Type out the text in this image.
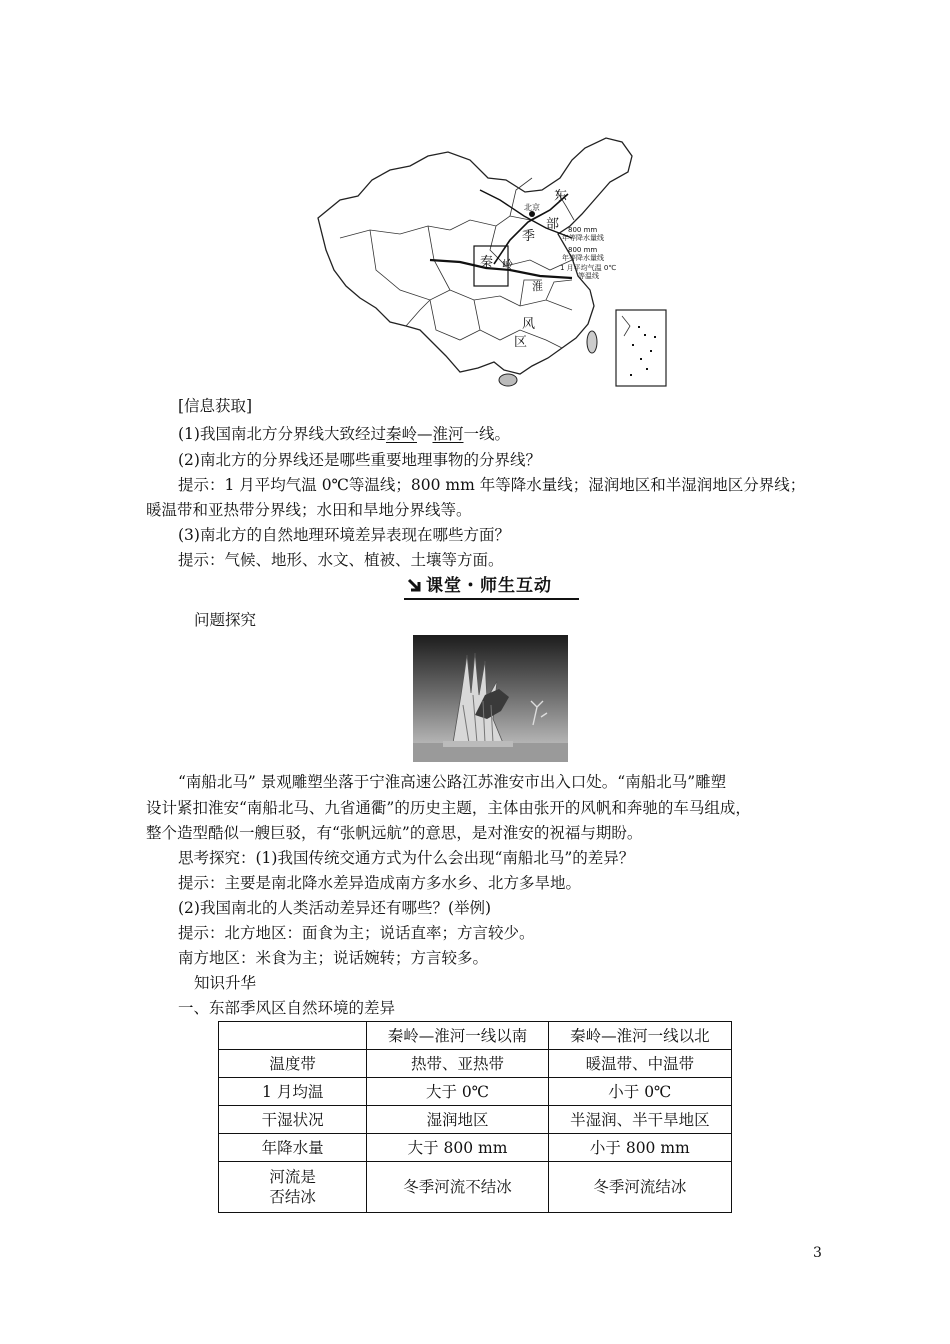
北京
东
部
季
风
区
秦 岭
淮
800 mm
年等降水量线
800 mm
年等降水量线
1 月平均气温 0℃
等温线
[信息获取]
(1)我国南北方分界线大致经过秦岭—淮河一线。
(2)南北方的分界线还是哪些重要地理事物的分界线？
提示：1 月平均气温 0℃等温线；800 mm 年等降水量线；湿润地区和半湿润地区分界线；
暖温带和亚热带分界线；水田和旱地分界线等。
(3)南北方的自然地理环境差异表现在哪些方面？
提示：气候、地形、水文、植被、土壤等方面。
课堂・师生互动
问题探究
“南船北马” 景观雕塑坐落于宁淮高速公路江苏淮安市出入口处。“南船北马”雕塑
设计紧扣淮安“南船北马、九省通衢”的历史主题，主体由张开的风帆和奔驰的车马组成，
整个造型酷似一艘巨驳，有“张帆远航”的意思，是对淮安的祝福与期盼。
思考探究：(1)我国传统交通方式为什么会出现“南船北马”的差异？
提示：主要是南北降水差异造成南方多水乡、北方多旱地。
(2)我国南北的人类活动差异还有哪些？(举例)
提示：北方地区：面食为主；说话直率；方言较少。
南方地区：米食为主；说话婉转；方言较多。
知识升华
一、东部季风区自然环境的差异
	秦岭—淮河一线以南	秦岭—淮河一线以北
温度带	热带、亚热带	暖温带、中温带
1 月均温	大于 0℃	小于 0℃
干湿状况	湿润地区	半湿润、半干旱地区
年降水量	大于 800 mm	小于 800 mm
河流是
否结冰	冬季河流不结冰	冬季河流结冰
3
